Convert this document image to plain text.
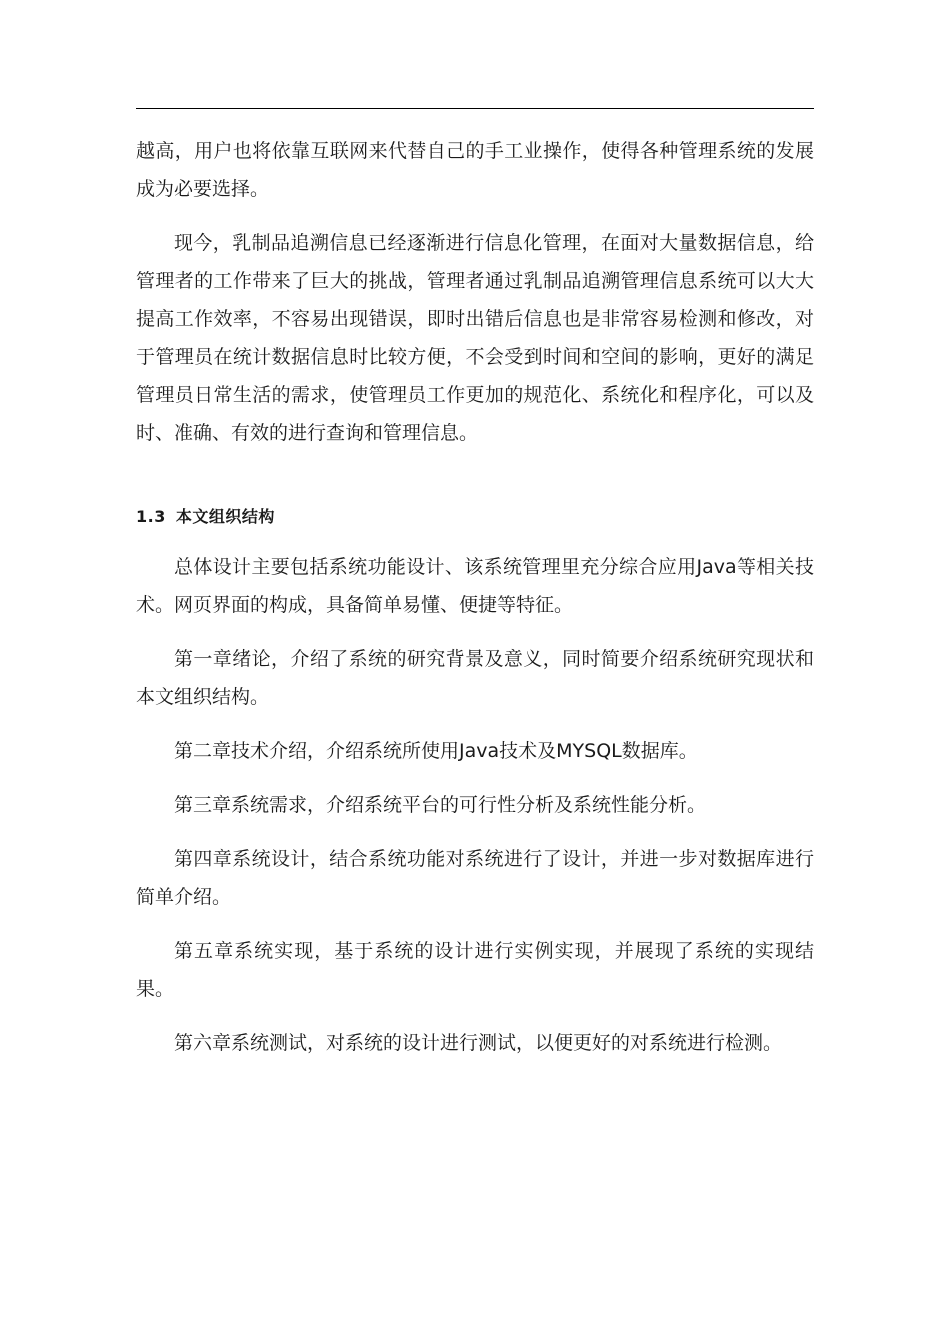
越高，用户也将依靠互联网来代替自己的手工业操作，使得各种管理系统的发展成为必要选择。

现今，乳制品追溯信息已经逐渐进行信息化管理，在面对大量数据信息，给管理者的工作带来了巨大的挑战，管理者通过乳制品追溯管理信息系统可以大大提高工作效率，不容易出现错误，即时出错后信息也是非常容易检测和修改，对于管理员在统计数据信息时比较方便，不会受到时间和空间的影响，更好的满足管理员日常生活的需求，使管理员工作更加的规范化、系统化和程序化，可以及时、准确、有效的进行查询和管理信息。

1.3 本文组织结构

总体设计主要包括系统功能设计、该系统管理里充分综合应用Java等相关技术。网页界面的构成，具备简单易懂、便捷等特征。

第一章绪论，介绍了系统的研究背景及意义，同时简要介绍系统研究现状和本文组织结构。

第二章技术介绍，介绍系统所使用Java技术及MYSQL数据库。

第三章系统需求，介绍系统平台的可行性分析及系统性能分析。

第四章系统设计，结合系统功能对系统进行了设计，并进一步对数据库进行简单介绍。

第五章系统实现，基于系统的设计进行实例实现，并展现了系统的实现结果。

第六章系统测试，对系统的设计进行测试，以便更好的对系统进行检测。
